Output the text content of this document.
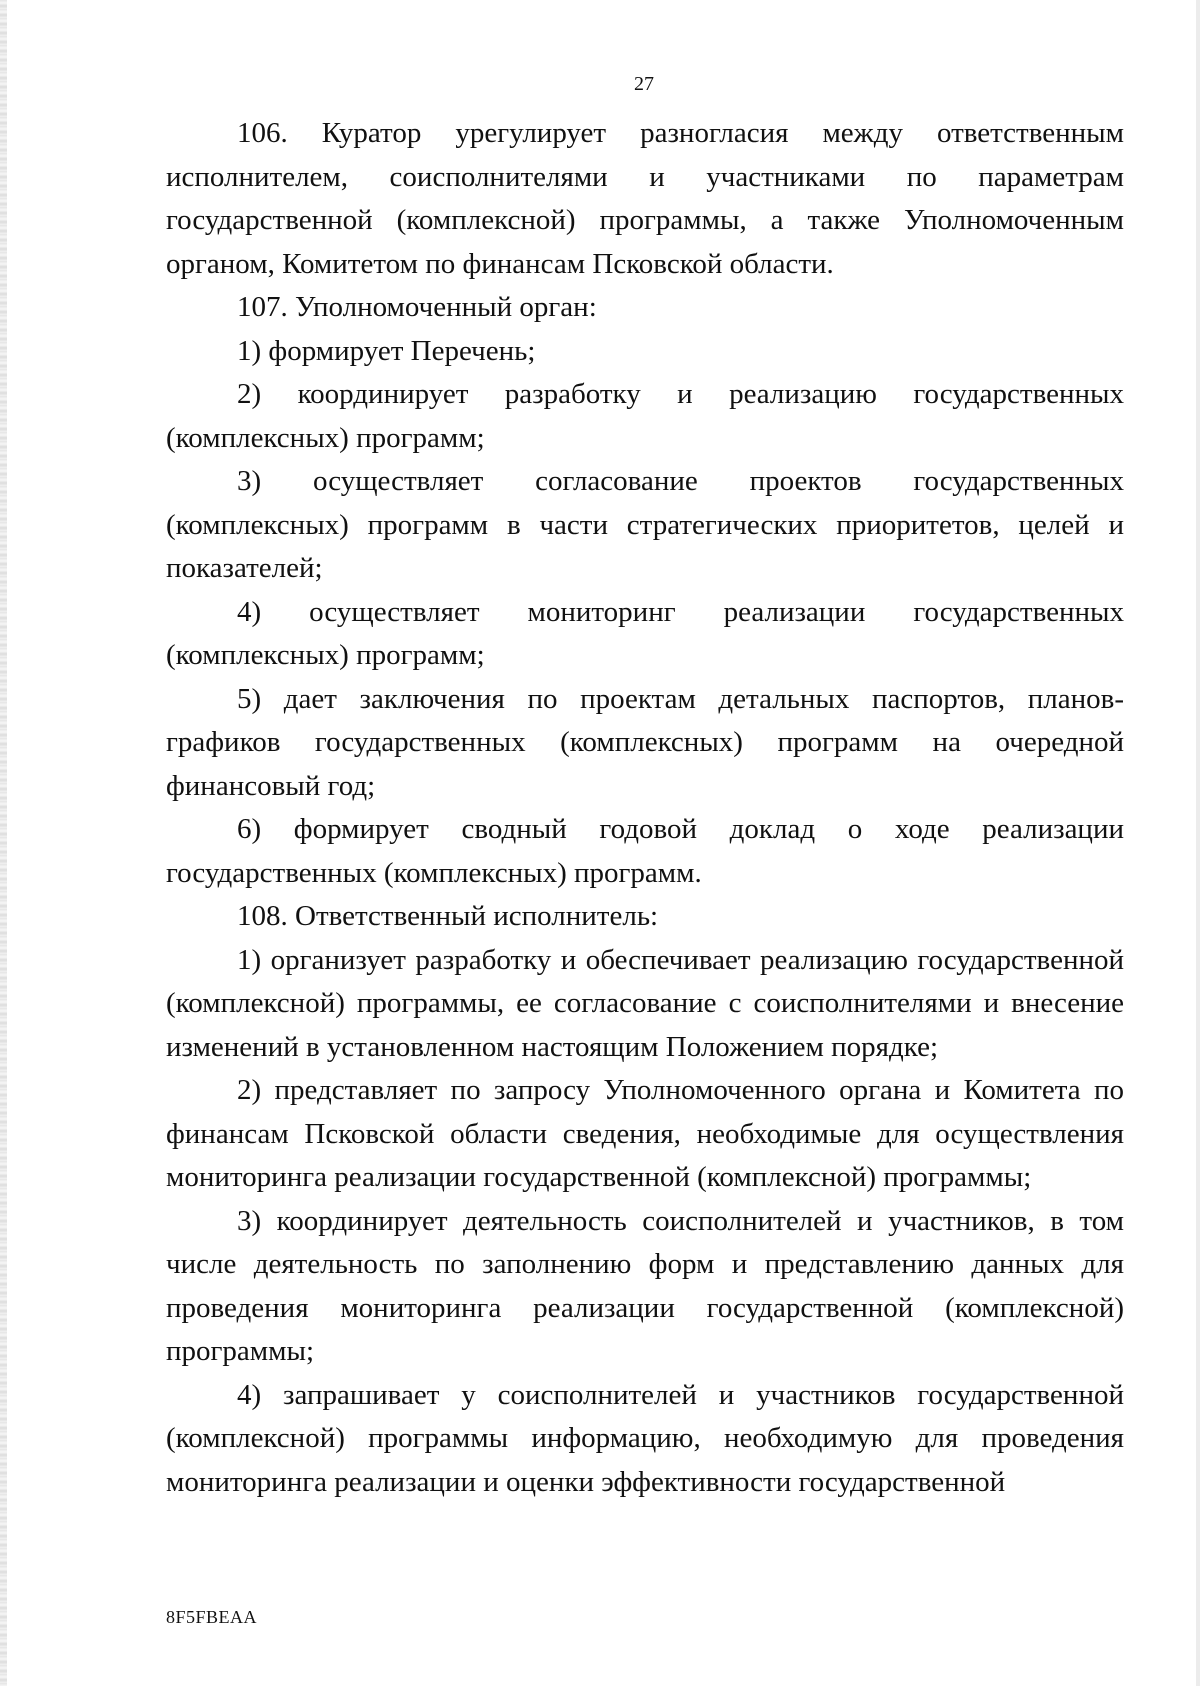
27

106. Куратор урегулирует разногласия между ответственным исполнителем, соисполнителями и участниками по параметрам государственной (комплексной) программы, а также Уполномоченным органом, Комитетом по финансам Псковской области.

107. Уполномоченный орган:

1) формирует Перечень;

2) координирует разработку и реализацию государственных (комплексных) программ;

3) осуществляет согласование проектов государственных (комплексных) программ в части стратегических приоритетов, целей и показателей;

4) осуществляет мониторинг реализации государственных (комплексных) программ;

5) дает заключения по проектам детальных паспортов, планов-графиков государственных (комплексных) программ на очередной финансовый год;

6) формирует сводный годовой доклад о ходе реализации государственных (комплексных) программ.

108. Ответственный исполнитель:

1) организует разработку и обеспечивает реализацию государственной (комплексной) программы, ее согласование с соисполнителями и внесение изменений в установленном настоящим Положением порядке;

2) представляет по запросу Уполномоченного органа и Комитета по финансам Псковской области сведения, необходимые для осуществления мониторинга реализации государственной (комплексной) программы;

3) координирует деятельность соисполнителей и участников, в том числе деятельность по заполнению форм и представлению данных для проведения мониторинга реализации государственной (комплексной) программы;

4) запрашивает у соисполнителей и участников государственной (комплексной) программы информацию, необходимую для проведения мониторинга реализации и оценки эффективности государственной

8F5FBEAA
